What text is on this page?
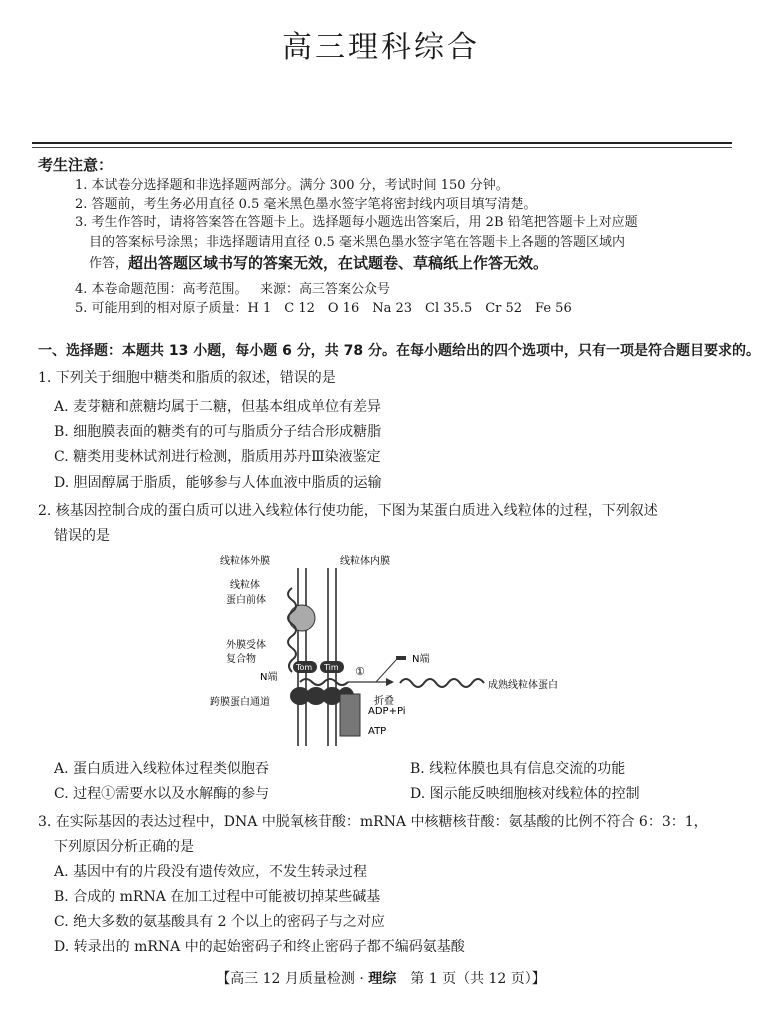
高三理科综合
考生注意：
1. 本试卷分选择题和非选择题两部分。满分 300 分，考试时间 150 分钟。
2. 答题前，考生务必用直径 0.5 毫米黑色墨水签字笔将密封线内项目填写清楚。
3. 考生作答时，请将答案答在答题卡上。选择题每小题选出答案后，用 2B 铅笔把答题卡上对应题
目的答案标号涂黑；非选择题请用直径 0.5 毫米黑色墨水签字笔在答题卡上各题的答题区域内
作答， 超出答题区域书写的答案无效，在试题卷、草稿纸上作答无效。
4. 本卷命题范围：高考范围。 来源：高三答案公众号
5. 可能用到的相对原子质量：H 1　C 12　O 16　Na 23　Cl 35.5　Cr 52　Fe 56
一、选择题：本题共 13 小题，每小题 6 分，共 78 分。在每小题给出的四个选项中，只有一项是符合题目要求的。
1. 下列关于细胞中糖类和脂质的叙述，错误的是
A. 麦芽糖和蔗糖均属于二糖，但基本组成单位有差异
B. 细胞膜表面的糖类有的可与脂质分子结合形成糖脂
C. 糖类用斐林试剂进行检测，脂质用苏丹Ⅲ染液鉴定
D. 胆固醇属于脂质，能够参与人体血液中脂质的运输
2. 核基因控制合成的蛋白质可以进入线粒体行使功能，下图为某蛋白质进入线粒体的过程，下列叙述
错误的是
线粒体外膜	线粒体内膜
线粒体
蛋白前体
外膜受体
复合物
N端
Tom Tim ①
N端
折叠
成熟线粒体蛋白
跨膜蛋白通道
ADP+Pi
ATP
A. 蛋白质进入线粒体过程类似胞吞	B. 线粒体膜也具有信息交流的功能
C. 过程①需要水以及水解酶的参与	D. 图示能反映细胞核对线粒体的控制
3. 在实际基因的表达过程中，DNA 中脱氧核苷酸：mRNA 中核糖核苷酸：氨基酸的比例不符合 6：3：1，
下列原因分析正确的是
A. 基因中有的片段没有遗传效应，不发生转录过程
B. 合成的 mRNA 在加工过程中可能被切掉某些碱基
C. 绝大多数的氨基酸具有 2 个以上的密码子与之对应
D. 转录出的 mRNA 中的起始密码子和终止密码子都不编码氨基酸
【高三 12 月质量检测 · 理综　第 1 页（共 12 页）】
